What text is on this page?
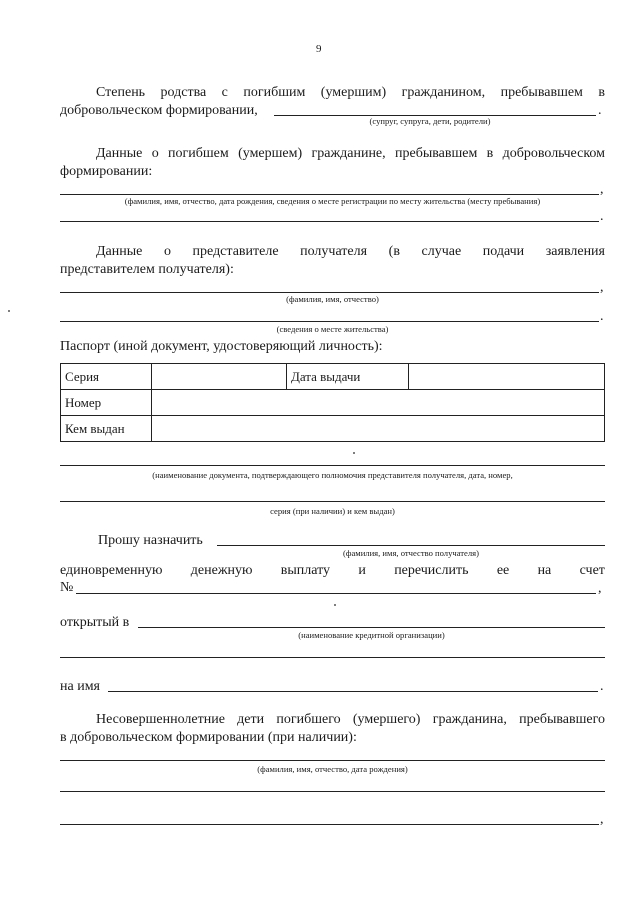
9
Степень родства с погибшим (умершим) гражданином, пребывавшем в
добровольческом формировании,	.
(супруг, супруга, дети, родители)
Данные о погибшем (умершем) гражданине, пребывавшем в добровольческом
формировании:
,
(фамилия, имя, отчество, дата рождения, сведения о месте регистрации по месту жительства (месту пребывания)
.
Данные о представителе получателя (в случае подачи заявления
представителем получателя):
,
(фамилия, имя, отчество)
.
(сведения о месте жительства)
Паспорт (иной документ, удостоверяющий личность):
Серия		Дата выдачи	
Номер			
Кем выдан			
(наименование документа, подтверждающего полномочия представителя получателя, дата, номер,
серия (при наличии) и кем выдан)
Прошу назначить
(фамилия, имя, отчество получателя)
единовременную денежную выплату и перечислить ее на счет
№	,
открытый в
(наименование кредитной организации)
на имя	.
Несовершеннолетние дети погибшего (умершего) гражданина, пребывавшего
в добровольческом формировании (при наличии):
(фамилия, имя, отчество, дата рождения)
,
